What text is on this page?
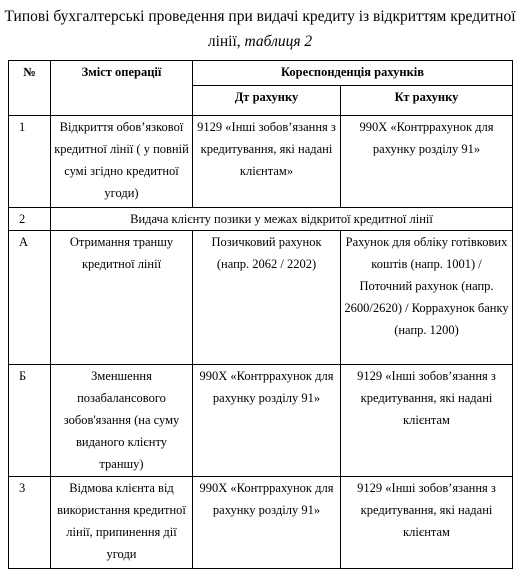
Типові бухгалтерські проведення при видачі кредиту із відкриттям кредитної лінії, таблиця 2
№	Зміст операції	Кореспонденція рахунків	
		Дт рахунку	Кт рахунку
1	Відкриття обов’язкової кредитної лінії ( у повній сумі згідно кредитної угоди)	9129 «Інші зобов’язання з кредитування, які надані клієнтам»	990Х «Контррахунок для рахунку розділу 91»
2	Видача клієнту позики у межах відкритої кредитної лінії		
А	Отримання траншу кредитної лінії	Позичковий рахунок (напр. 2062 / 2202)	Рахунок для обліку готівкових коштів (напр. 1001) / Поточний рахунок (напр. 2600/2620) / Коррахунок банку (напр. 1200)
Б	Зменшення позабалансового зобов'язання (на суму виданого клієнту траншу)	990Х «Контррахунок для рахунку розділу 91»	9129 «Інші зобов’язання з кредитування, які надані клієнтам
3	Відмова клієнта від використання кредитної лінії, припинення дії угоди	990Х «Контррахунок для рахунку розділу 91»	9129 «Інші зобов’язання з кредитування, які надані клієнтам
